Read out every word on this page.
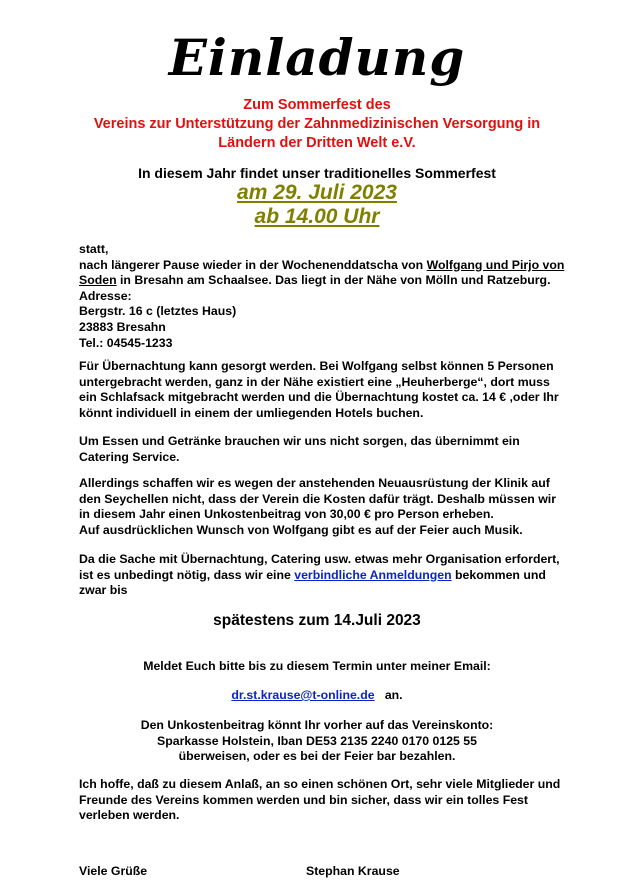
Einladung
Zum Sommerfest des
Vereins zur Unterstützung der Zahnmedizinischen Versorgung in
Ländern der Dritten Welt e.V.
In diesem Jahr findet unser traditionelles Sommerfest
am 29. Juli 2023
ab 14.00 Uhr
statt,
nach längerer Pause wieder in der Wochenenddatscha von Wolfgang und Pirjo von
Soden in Bresahn am Schaalsee. Das liegt in der Nähe von Mölln und Ratzeburg.
Adresse:
Bergstr. 16 c (letztes Haus)
23883 Bresahn
Tel.: 04545-1233
Für Übernachtung kann gesorgt werden. Bei Wolfgang selbst können 5 Personen
untergebracht werden, ganz in der Nähe existiert eine „Heuherberge“, dort muss
ein Schlafsack mitgebracht werden und die Übernachtung kostet ca. 14 € ,oder Ihr
könnt individuell in einem der umliegenden Hotels buchen.
Um Essen und Getränke brauchen wir uns nicht sorgen, das übernimmt ein
Catering Service.
Allerdings schaffen wir es wegen der anstehenden Neuausrüstung der Klinik auf
den Seychellen nicht, dass der Verein die Kosten dafür trägt. Deshalb müssen wir
in diesem Jahr einen Unkostenbeitrag von 30,00 € pro Person erheben.
Auf ausdrücklichen Wunsch von Wolfgang gibt es auf der Feier auch Musik.
Da die Sache mit Übernachtung, Catering usw. etwas mehr Organisation erfordert,
ist es unbedingt nötig, dass wir eine verbindliche Anmeldungen bekommen und
zwar bis
spätestens zum 14.Juli 2023
Meldet Euch bitte bis zu diesem Termin unter meiner Email:
dr.st.krause@t-online.de an.
Den Unkostenbeitrag könnt Ihr vorher auf das Vereinskonto:
Sparkasse Holstein, Iban DE53 2135 2240 0170 0125 55
überweisen, oder es bei der Feier bar bezahlen.
Ich hoffe, daß zu diesem Anlaß, an so einen schönen Ort, sehr viele Mitglieder und
Freunde des Vereins kommen werden und bin sicher, dass wir ein tolles Fest
verleben werden.
Viele Grüße	Stephan Krause
